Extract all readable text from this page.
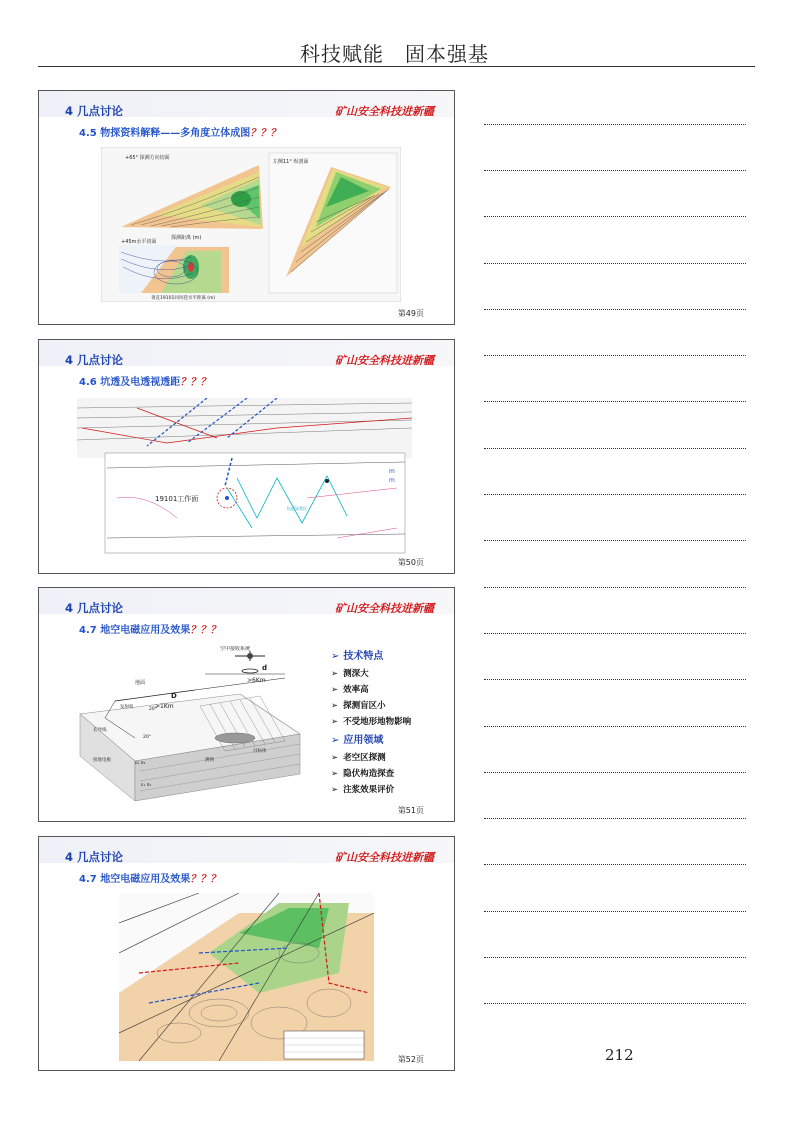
科技赋能　固本强基
4 几点讨论	矿山安全科技进新疆
4.5 物探资料解释——多角度立体成图？？？
+65° 探测方向切面
探测距离 (m)
+45m水平切面
垂直19101回风巷水平距离 (m)
左侧11° 纵剖面
第49页
4 几点讨论	矿山安全科技进新疆
4.6 坑透及电透视透距？？？
19101工作面
m
m
坑透异常区
第50页
4 几点讨论	矿山安全科技进新疆
4.7 地空电磁应用及效果？？？
空中接收系统
d
>6Km
地面
D
>1Km
发射机
长导线
接地电极
20°
20°
目标体
测网
ε₂ σ₂
ε₁ σ₁
➢ 技术特点
➢ 测深大
➢ 效率高
➢ 探测盲区小
➢ 不受地形地物影响
➢ 应用领域
➢ 老空区探测
➢ 隐伏构造探查
➢ 注浆效果评价
第51页
4 几点讨论	矿山安全科技进新疆
4.7 地空电磁应用及效果？？？
第52页	212
